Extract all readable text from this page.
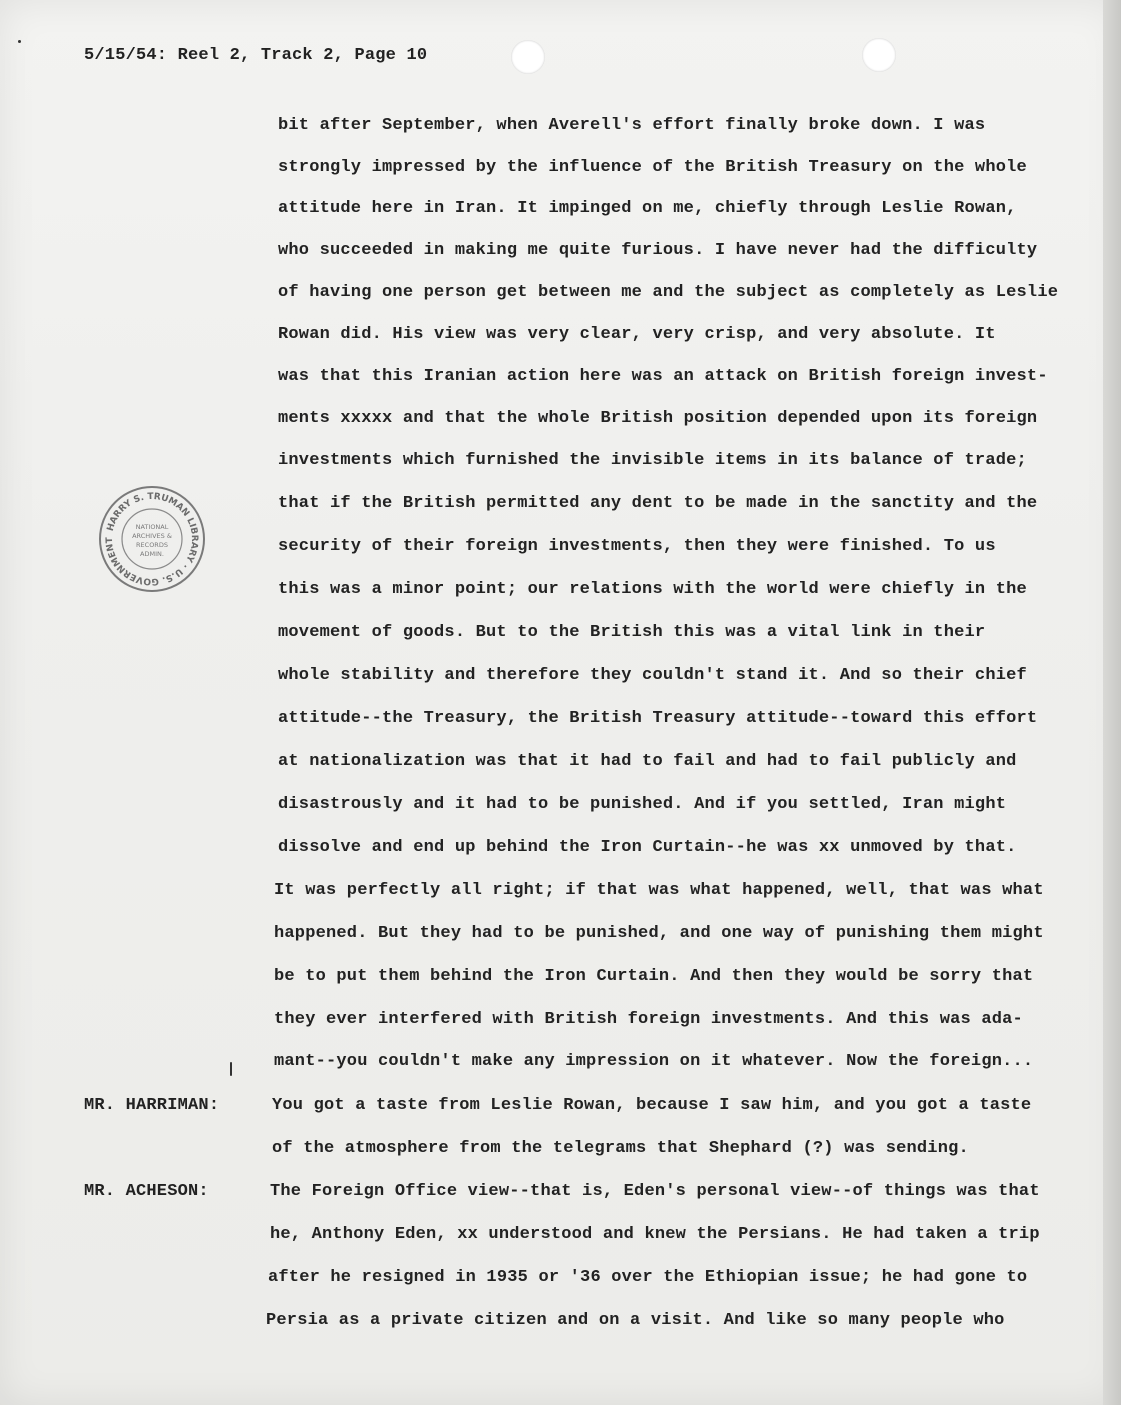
5/15/54: Reel 2, Track 2, Page 10
bit after September, when Averell's effort finally broke down. I was
strongly impressed by the influence of the British Treasury on the whole
attitude here in Iran. It impinged on me, chiefly through Leslie Rowan,
who succeeded in making me quite furious. I have never had the difficulty
of having one person get between me and the subject as completely as Leslie
Rowan did. His view was very clear, very crisp, and very absolute. It
was that this Iranian action here was an attack on British foreign invest-
ments xxxxx and that the whole British position depended upon its foreign
investments which furnished the invisible items in its balance of trade;
that if the British permitted any dent to be made in the sanctity and the
security of their foreign investments, then they were finished. To us
this was a minor point; our relations with the world were chiefly in the
movement of goods. But to the British this was a vital link in their
whole stability and therefore they couldn't stand it. And so their chief
attitude--the Treasury, the British Treasury attitude--toward this effort
at nationalization was that it had to fail and had to fail publicly and
disastrously and it had to be punished. And if you settled, Iran might
dissolve and end up behind the Iron Curtain--he was xx unmoved by that.
It was perfectly all right; if that was what happened, well, that was what
happened. But they had to be punished, and one way of punishing them might
be to put them behind the Iron Curtain. And then they would be sorry that
they ever interfered with British foreign investments. And this was ada-
mant--you couldn't make any impression on it whatever. Now the foreign...
MR. HARRIMAN:	You got a taste from Leslie Rowan, because I saw him, and you got a taste
of the atmosphere from the telegrams that Shephard (?) was sending.
MR. ACHESON:	The Foreign Office view--that is, Eden's personal view--of things was that
he, Anthony Eden, xx understood and knew the Persians. He had taken a trip
after he resigned in 1935 or '36 over the Ethiopian issue; he had gone to
Persia as a private citizen and on a visit. And like so many people who
HARRY S. TRUMAN LIBRARY · U.S. GOVERNMENT
NATIONAL
ARCHIVES &
RECORDS
ADMIN.
